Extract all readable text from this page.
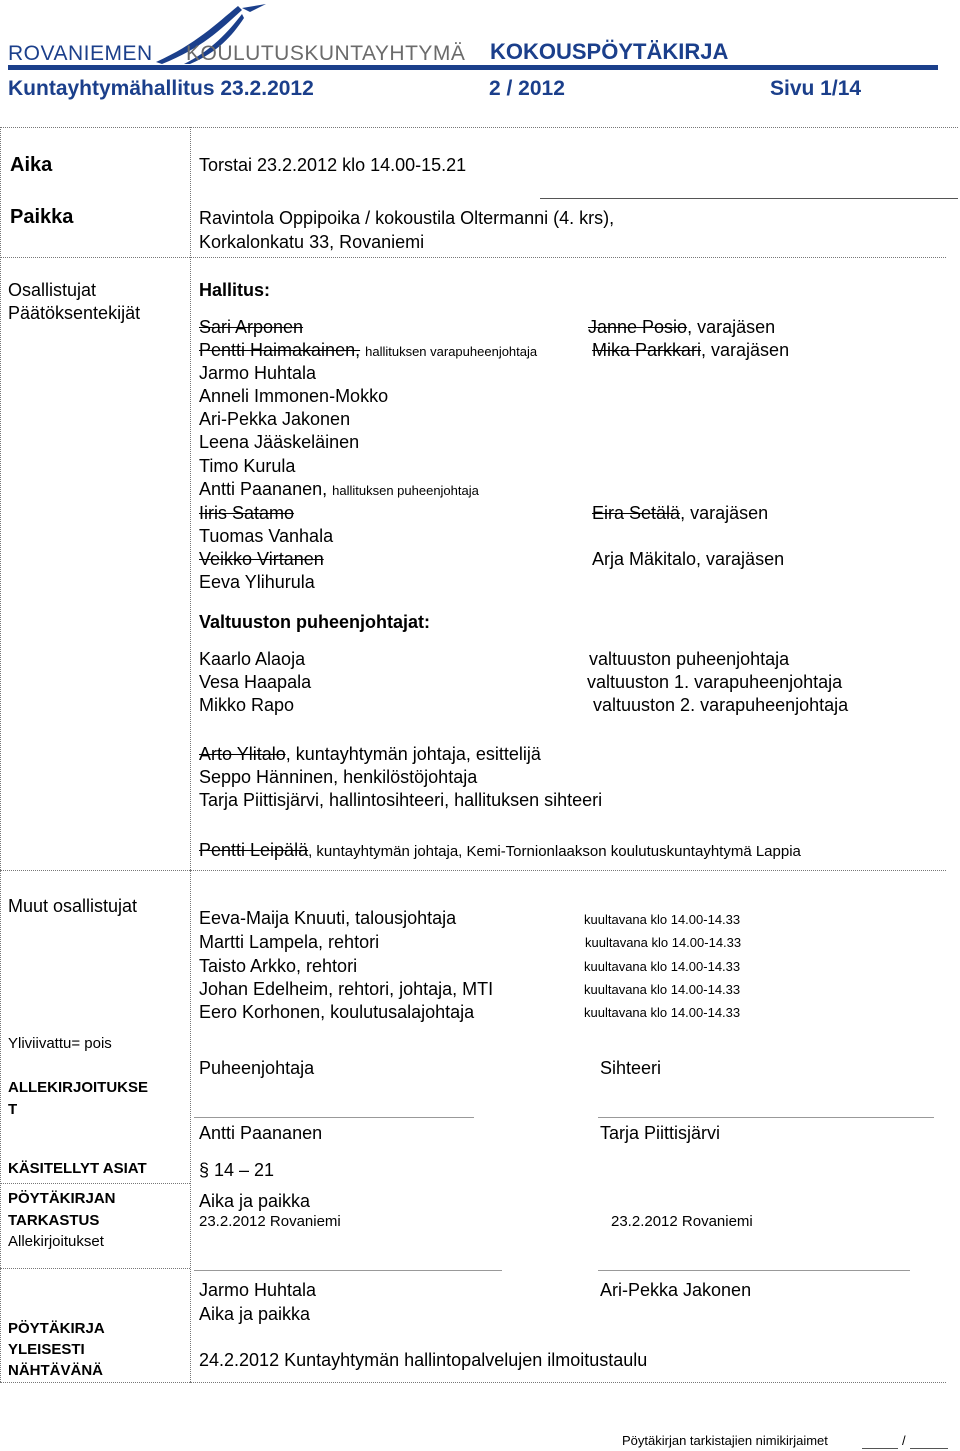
ROVANIEMEN KOULUTUSKUNTAYHTYMÄ KOKOUSPÖYTÄKIRJA
Kuntayhtymähallitus 23.2.2012	2 / 2012	Sivu 1/14
Aika	Torstai 23.2.2012 klo 14.00-15.21
Paikka	Ravintola Oppipoika / kokoustila Oltermanni (4. krs),
Korkalonkatu 33, Rovaniemi
Osallistujat
Päätöksentekijät
Hallitus:
Sari Arponen	Janne Posio, varajäsen
Pentti Haimakainen, hallituksen varapuheenjohtaja	Mika Parkkari, varajäsen
Jarmo Huhtala
Anneli Immonen-Mokko
Ari-Pekka Jakonen
Leena Jääskeläinen
Timo Kurula
Antti Paananen, hallituksen puheenjohtaja
Iiris Satamo	Eira Setälä, varajäsen
Tuomas Vanhala
Veikko Virtanen	Arja Mäkitalo, varajäsen
Eeva Ylihurula
Valtuuston puheenjohtajat:
Kaarlo Alaoja	valtuuston puheenjohtaja
Vesa Haapala	valtuuston 1. varapuheenjohtaja
Mikko Rapo	valtuuston 2. varapuheenjohtaja
Arto Ylitalo, kuntayhtymän johtaja, esittelijä
Seppo Hänninen, henkilöstöjohtaja
Tarja Piittisjärvi, hallintosihteeri, hallituksen sihteeri
Pentti Leipälä, kuntayhtymän johtaja, Kemi-Tornionlaakson koulutuskuntayhtymä Lappia
Muut osallistujat
Yliviivattu= pois
Eeva-Maija Knuuti, talousjohtaja	kuultavana klo 14.00-14.33
Martti Lampela, rehtori	kuultavana klo 14.00-14.33
Taisto Arkko, rehtori	kuultavana klo 14.00-14.33
Johan Edelheim, rehtori, johtaja, MTI	kuultavana klo 14.00-14.33
Eero Korhonen, koulutusalajohtaja	kuultavana klo 14.00-14.33
ALLEKIRJOITUKSE
T
Puheenjohtaja	Sihteeri
Antti Paananen	Tarja Piittisjärvi
KÄSITELLYT ASIAT	§ 14 – 21
PÖYTÄKIRJAN
TARKASTUS
Allekirjoitukset
Aika ja paikka
23.2.2012 Rovaniemi	23.2.2012 Rovaniemi
Jarmo Huhtala	Ari-Pekka Jakonen
PÖYTÄKIRJA
YLEISESTI
NÄHTÄVÄNÄ
Aika ja paikka
24.2.2012 Kuntayhtymän hallintopalvelujen ilmoitustaulu
Pöytäkirjan tarkistajien nimikirjaimet	/
